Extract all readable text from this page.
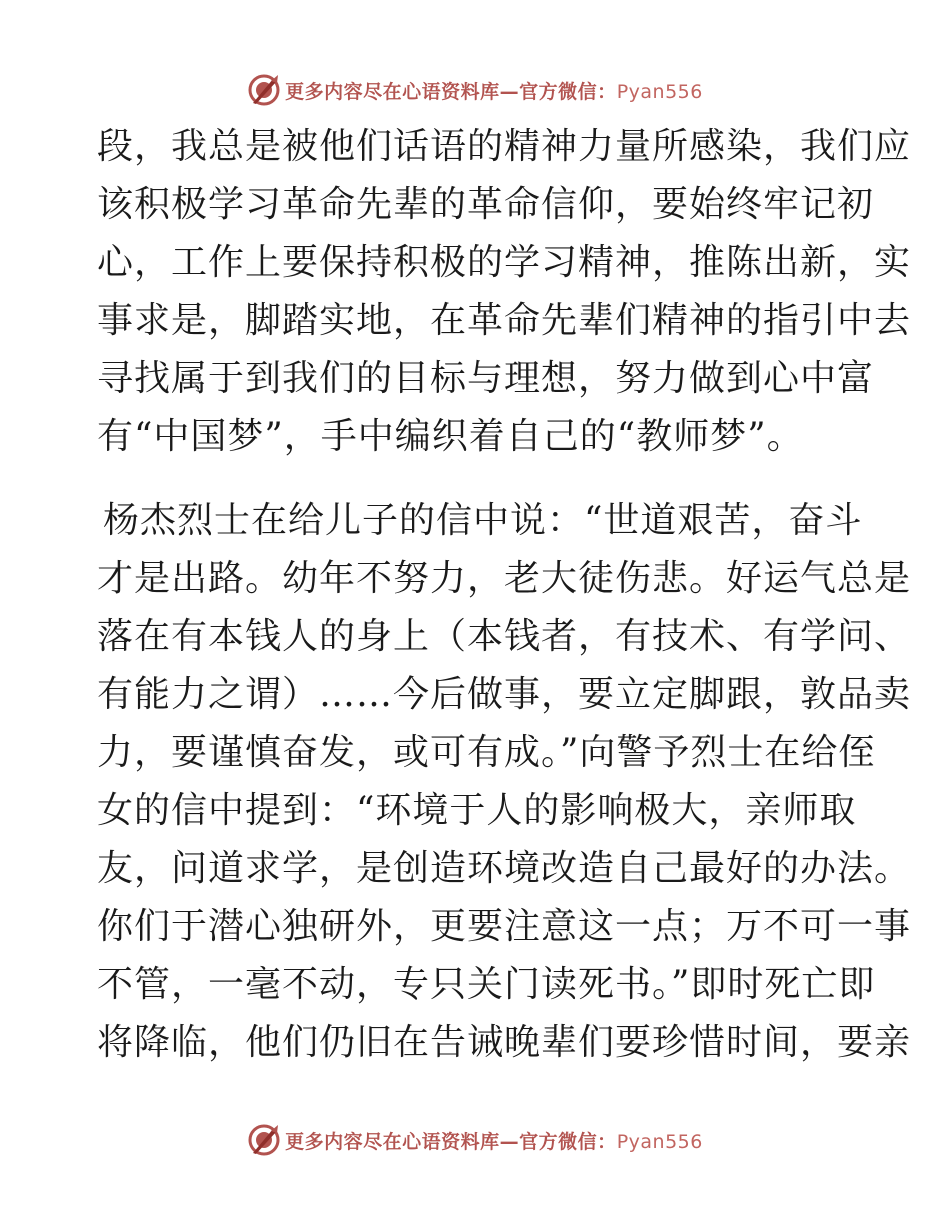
更多内容尽在心语资料库—官方微信：Pyan556
段，我总是被他们话语的精神力量所感染，我们应
该积极学习革命先辈的革命信仰，要始终牢记初
心，工作上要保持积极的学习精神，推陈出新，实
事求是，脚踏实地，在革命先辈们精神的指引中去
寻找属于到我们的目标与理想，努力做到心中富
有“中国梦”，手中编织着自己的“教师梦”。
杨杰烈士在给儿子的信中说：“世道艰苦，奋斗
才是出路。幼年不努力，老大徒伤悲。好运气总是
落在有本钱人的身上（本钱者，有技术、有学问、
有能力之谓）……今后做事，要立定脚跟，敦品卖
力，要谨慎奋发，或可有成。”向警予烈士在给侄
女的信中提到：“环境于人的影响极大，亲师取
友，问道求学，是创造环境改造自己最好的办法。
你们于潜心独研外，更要注意这一点；万不可一事
不管，一毫不动，专只关门读死书。”即时死亡即
将降临，他们仍旧在告诫晚辈们要珍惜时间，要亲
更多内容尽在心语资料库—官方微信：Pyan556
